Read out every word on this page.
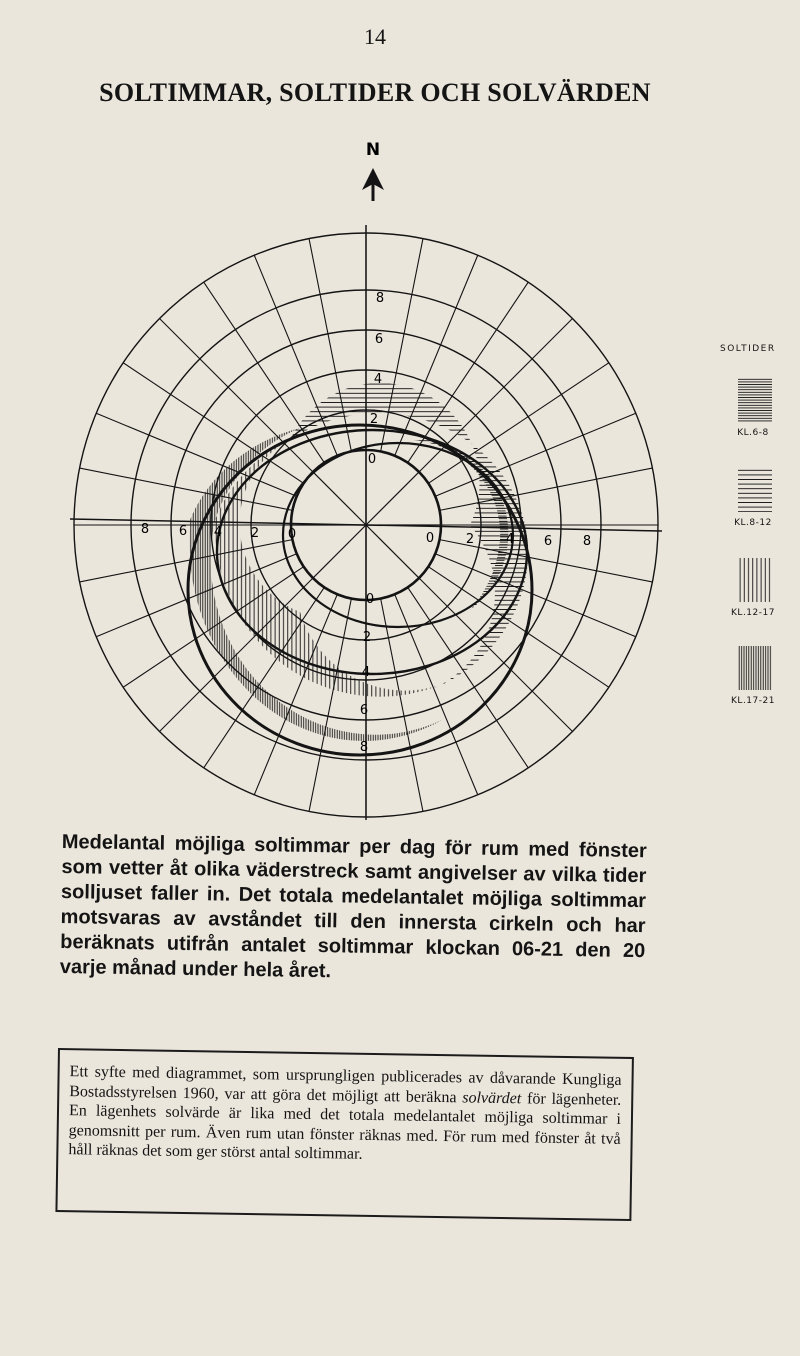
14
SOLTIMMAR, SOLTIDER OCH SOLVÄRDEN
N
8
6
4
2
0
8 6 4 2 0	0 2 4 6 8
0
2
4
6
8
SOLTIDER
KL.6-8
KL.8-12
KL.12-17
KL.17-21
Medelantal möjliga soltimmar per dag för rum med fönster som vetter åt olika väderstreck samt angivelser av vilka tider solljuset faller in. Det totala medelantalet möjliga soltimmar motsvaras av avståndet till den innersta cirkeln och har beräknats utifrån antalet soltimmar klockan 06-21 den 20 varje månad under hela året.
Ett syfte med diagrammet, som ursprungligen publicerades av dåvarande Kungliga Bostadsstyrelsen 1960, var att göra det möjligt att beräkna solvärdet för lägenheter. En lägenhets solvärde är lika med det totala medelantalet möjliga soltimmar i genomsnitt per rum. Även rum utan fönster räknas med. För rum med fönster åt två håll räknas det som ger störst antal soltimmar.
